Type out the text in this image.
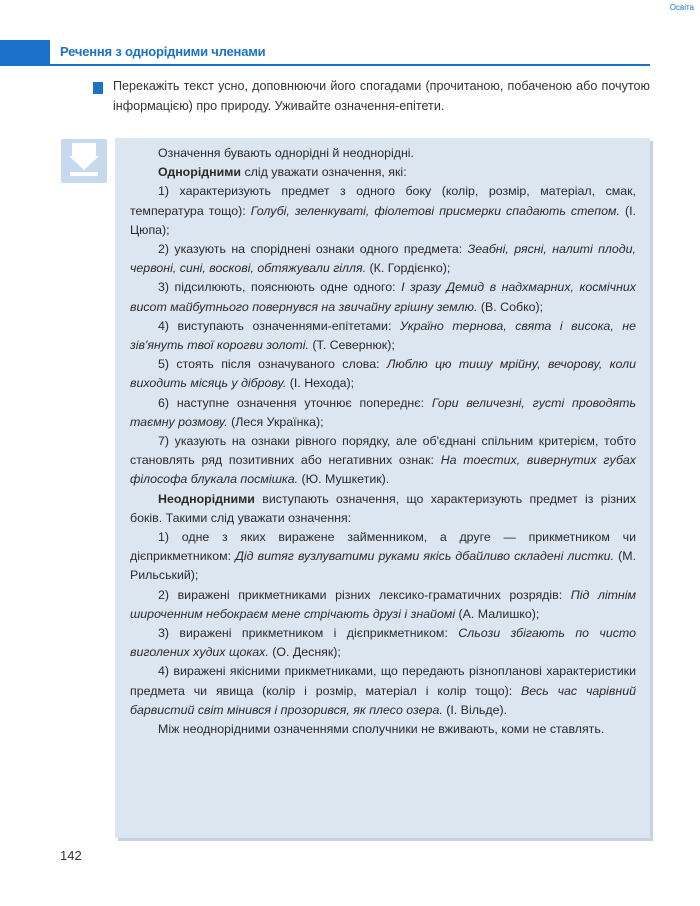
Освіта
Речення з однорідними членами
Перекажіть текст усно, доповнюючи його спогадами (прочитаною, побаченою або почутою інформацією) про природу. Уживайте означення-епітети.

Означення бувають однорідні й неоднорідні.

Однорідними слід уважати означення, які:

1) характеризують предмет з одного боку (колір, розмір, матеріал, смак, температура тощо): Голубі, зеленкуваті, фіолетові присмерки спадають степом. (І. Цюпа);

2) указують на споріднені ознаки одного предмета: Зеабні, рясні, налиті плоди, червоні, сині, воскові, обтяжували гілля. (К. Гордієнко);

3) підсилюють, пояснюють одне одного: І зразу Демид в надхмарних, космічних висот майбутнього повернувся на звичайну грішну землю. (В. Собко);

4) виступають означеннями-епітетами: Україно тернова, свята і висока, не зів'януть твої корогви золоті. (Т. Севернюк);

5) стоять після означуваного слова: Люблю цю тишу мрійну, вечорову, коли виходить місяць у діброву. (І. Нехода);

6) наступне означення уточнює попереднє: Гори величезні, густі проводять таємну розмову. (Леся Українка);

7) указують на ознаки рівного порядку, але об'єднані спільним критерієм, тобто становлять ряд позитивних або негативних ознак: На тоестих, вивернутих губах філософа блукала посмішка. (Ю. Мушкетик).

Неоднорідними виступають означення, що характеризують предмет із різних боків. Такими слід уважати означення:

1) одне з яких виражене займенником, а друге — прикметником чи дієприкметником: Дід витяг вузлуватими руками якісь дбайливо складені листки. (М. Рильський);

2) виражені прикметниками різних лексико-граматичних розрядів: Під літнім широченним небокраєм мене стрічають друзі і знайомі (А. Малишко);

3) виражені прикметником і дієприкметником: Сльози збігають по чисто виголених худих щоках. (О. Десняк);

4) виражені якісними прикметниками, що передають різнопланові характеристики предмета чи явища (колір і розмір, матеріал і колір тощо): Весь час чарівний барвистий світ мінився і прозорився, як плесо озера. (І. Вільде).

Між неоднорідними означеннями сполучники не вживають, коми не ставлять.

142
